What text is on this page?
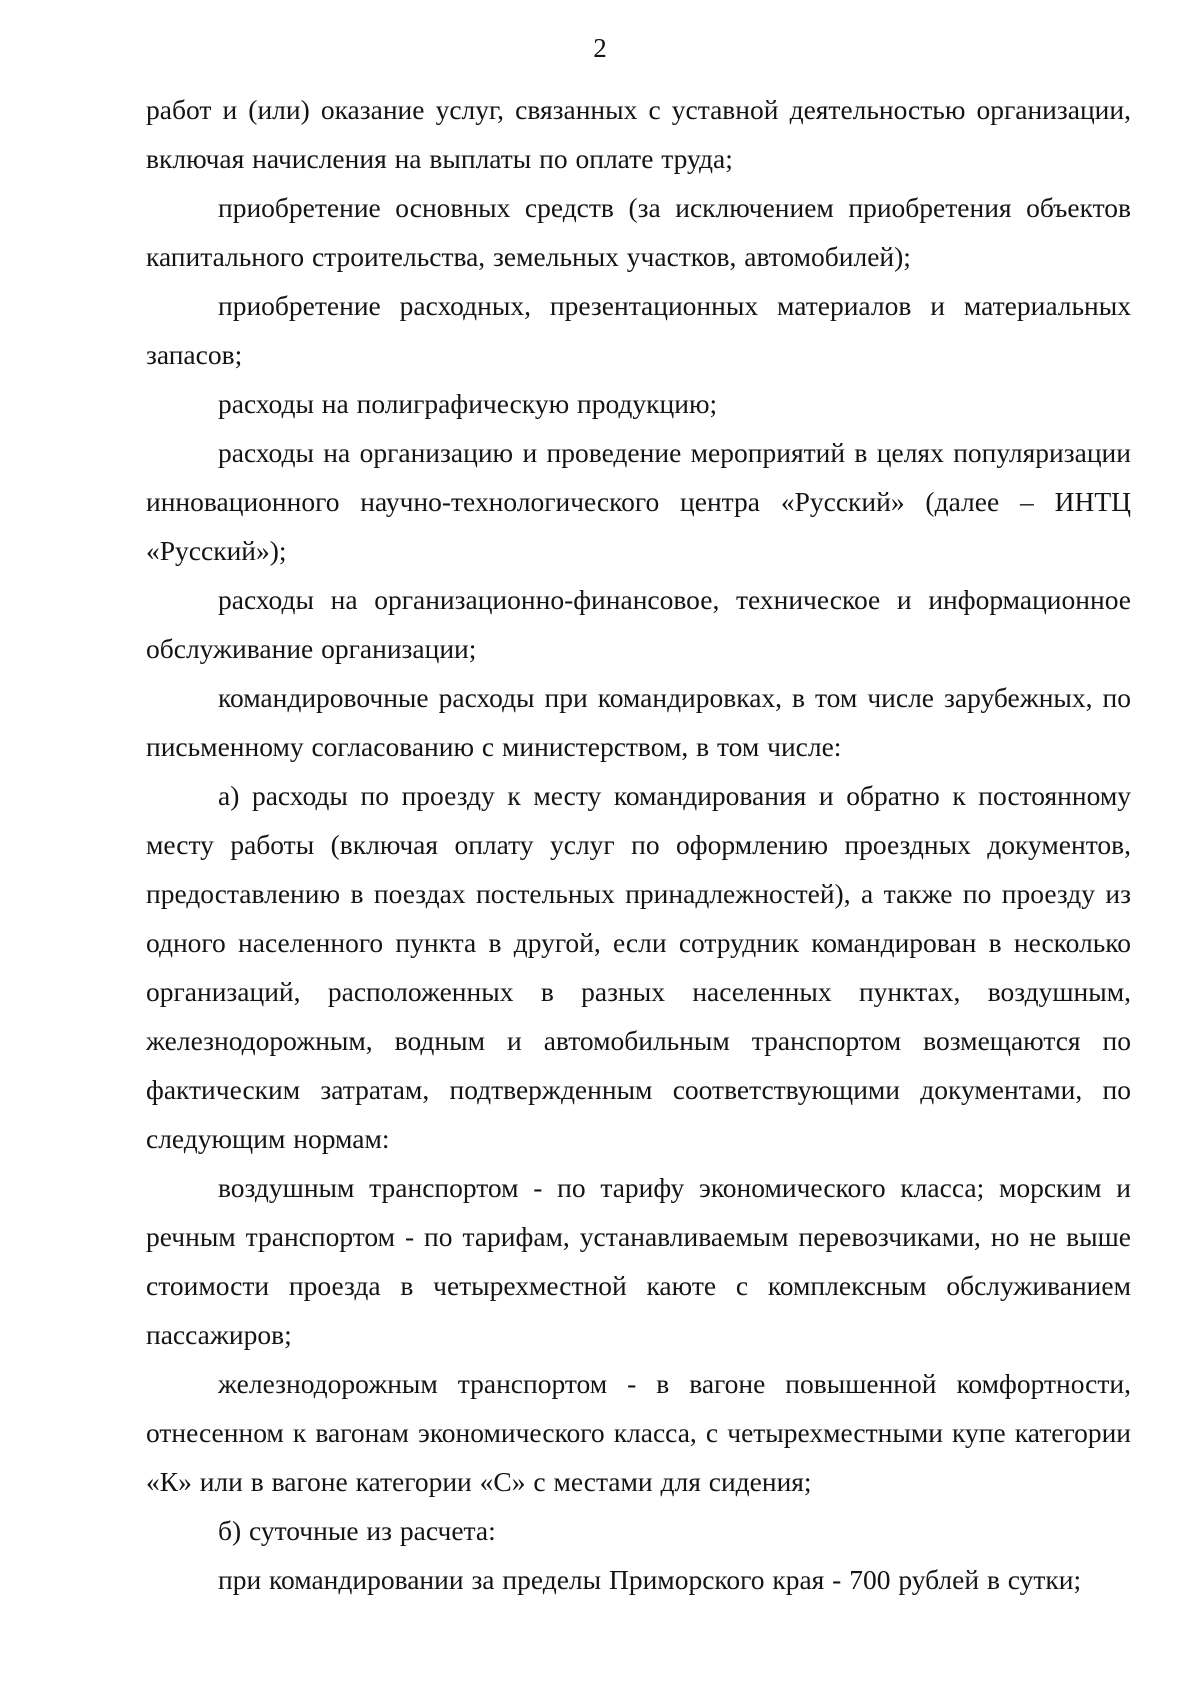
2

работ и (или) оказание услуг, связанных с уставной деятельностью организации, включая начисления на выплаты по оплате труда;

приобретение основных средств (за исключением приобретения объектов капитального строительства, земельных участков, автомобилей);

приобретение расходных, презентационных материалов и материальных запасов;

расходы на полиграфическую продукцию;

расходы на организацию и проведение мероприятий в целях популяризации инновационного научно-технологического центра «Русский» (далее – ИНТЦ «Русский»);

расходы на организационно-финансовое, техническое и информационное обслуживание организации;

командировочные расходы при командировках, в том числе зарубежных, по письменному согласованию с министерством, в том числе:

а) расходы по проезду к месту командирования и обратно к постоянному месту работы (включая оплату услуг по оформлению проездных документов, предоставлению в поездах постельных принадлежностей), а также по проезду из одного населенного пункта в другой, если сотрудник командирован в несколько организаций, расположенных в разных населенных пунктах, воздушным, железнодорожным, водным и автомобильным транспортом возмещаются по фактическим затратам, подтвержденным соответствующими документами, по следующим нормам:

воздушным транспортом - по тарифу экономического класса; морским и речным транспортом - по тарифам, устанавливаемым перевозчиками, но не выше стоимости проезда в четырехместной каюте с комплексным обслуживанием пассажиров;

железнодорожным транспортом - в вагоне повышенной комфортности, отнесенном к вагонам экономического класса, с четырехместными купе категории «К» или в вагоне категории «С» с местами для сидения;

б) суточные из расчета:

при командировании за пределы Приморского края - 700 рублей в сутки;
